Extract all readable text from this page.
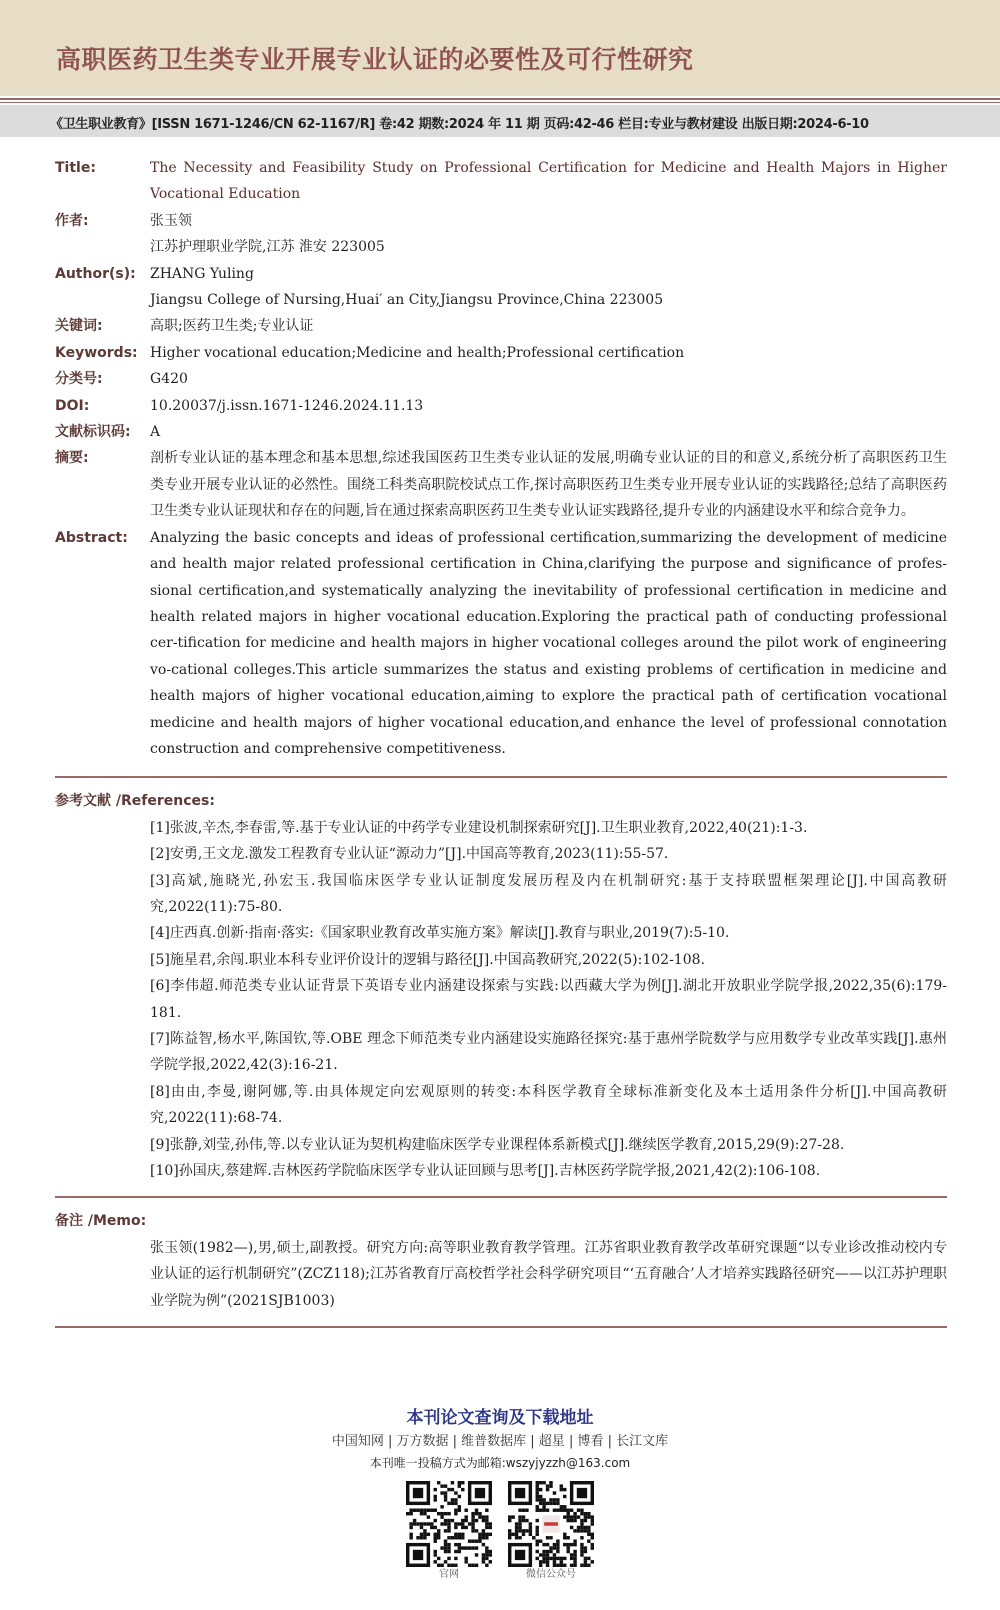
高职医药卫生类专业开展专业认证的必要性及可行性研究
《卫生职业教育》[ISSN 1671-1246/CN 62-1167/R] 卷:42 期数:2024 年 11 期 页码:42-46 栏目:专业与教材建设 出版日期:2024-6-10
Title:	The Necessity and Feasibility Study on Professional Certification for Medicine and Health Majors in Higher Vocational Education
作者:	张玉领
江苏护理职业学院,江苏 淮安 223005
Author(s):	ZHANG Yuling
Jiangsu College of Nursing,Huai′ an City,Jiangsu Province,China 223005
关键词:	高职;医药卫生类;专业认证
Keywords: Higher vocational education;Medicine and health;Professional certification
分类号:	G420
DOI:	10.20037/j.issn.1671-1246.2024.11.13
文献标识码:	A
摘要:	剖析专业认证的基本理念和基本思想,综述我国医药卫生类专业认证的发展,明确专业认证的目的和意义,系统分析了高职医药卫生类专业开展专业认证的必然性。围绕工科类高职院校试点工作,探讨高职医药卫生类专业开展专业认证的实践路径;总结了高职医药卫生类专业认证现状和存在的问题,旨在通过探索高职医药卫生类专业认证实践路径,提升专业的内涵建设水平和综合竞争力。
Abstract:	Analyzing the basic concepts and ideas of professional certification,summarizing the development of medicine and health major related professional certification in China,clarifying the purpose and significance of profes-sional certification,and systematically analyzing the inevitability of professional certification in medicine and health related majors in higher vocational education.Exploring the practical path of conducting professional cer-tification for medicine and health majors in higher vocational colleges around the pilot work of engineering vo-cational colleges.This article summarizes the status and existing problems of certification in medicine and health majors of higher vocational education,aiming to explore the practical path of certification vocational medicine and health majors of higher vocational education,and enhance the level of professional connotation construction and comprehensive competitiveness.
参考文献 /References:
[1]张波,辛杰,李春雷,等.基于专业认证的中药学专业建设机制探索研究[J].卫生职业教育,2022,40(21):1-3.
[2]安勇,王文龙.激发工程教育专业认证“源动力”[J].中国高等教育,2023(11):55-57.
[3]高斌,施晓光,孙宏玉.我国临床医学专业认证制度发展历程及内在机制研究:基于支持联盟框架理论[J].中国高教研究,2022(11):75-80.
[4]庄西真.创新·指南·落实:《国家职业教育改革实施方案》解读[J].教育与职业,2019(7):5-10.
[5]施星君,余闯.职业本科专业评价设计的逻辑与路径[J].中国高教研究,2022(5):102-108.
[6]李伟超.师范类专业认证背景下英语专业内涵建设探索与实践:以西藏大学为例[J].湖北开放职业学院学报,2022,35(6):179-181.
[7]陈益智,杨水平,陈国钦,等.OBE 理念下师范类专业内涵建设实施路径探究:基于惠州学院数学与应用数学专业改革实践[J].惠州学院学报,2022,42(3):16-21.
[8]由由,李曼,谢阿娜,等.由具体规定向宏观原则的转变:本科医学教育全球标准新变化及本土适用条件分析[J].中国高教研究,2022(11):68-74.
[9]张静,刘莹,孙伟,等.以专业认证为契机构建临床医学专业课程体系新模式[J].继续医学教育,2015,29(9):27-28.
[10]孙国庆,蔡建辉.吉林医药学院临床医学专业认证回顾与思考[J].吉林医药学院学报,2021,42(2):106-108.
备注 /Memo:
张玉领(1982—),男,硕士,副教授。研究方向:高等职业教育教学管理。江苏省职业教育教学改革研究课题“以专业诊改推动校内专业认证的运行机制研究”(ZCZ118);江苏省教育厅高校哲学社会科学研究项目“‘五育融合’人才培养实践路径研究——以江苏护理职业学院为例”(2021SJB1003)
本刊论文查询及下载地址
中国知网 | 万方数据 | 维普数据库 | 超星 | 博看 | 长江文库
本刊唯一投稿方式为邮箱:wszyjyzzh@163.com
官网	微信公众号
